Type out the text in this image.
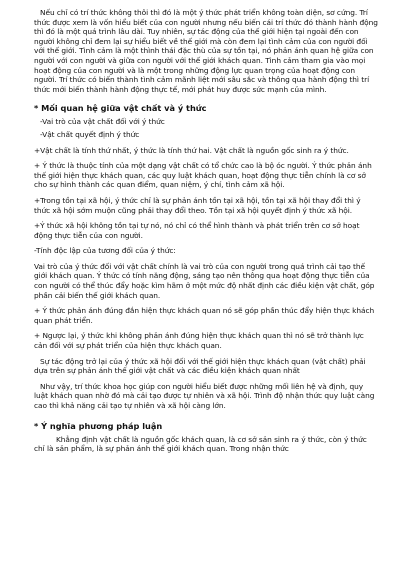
Nếu chỉ có trí thức không thôi thì đó là một ý thức phát triển không toàn diện, sơ cứng. Trí thức được xem là vốn hiểu biết của con người nhưng nếu biến cái trí thức đó thành hành động thì đó là một quá trình lâu dài. Tuy nhiên, sự tác động của thế giới hiện tại ngoài đến con người không chỉ đem lại sự hiểu biết về thế giới mà còn đem lại tình cảm của con người đối với thế giới. Tình cảm là một thình thái đặc thù của sự tồn tại, nó phản ánh quan hệ giữa con người với con người và giữa con người với thế giới khách quan. Tình cảm tham gia vào mọi hoạt động của con người và là một trong những động lực quan trọng của hoạt động con người. Trí thức có biến thành tình cảm mãnh liệt mới sâu sắc và thông qua hành động thì trí thức mới biến thành hành động thực tế, mới phát huy được sức mạnh của mình.

* Mối quan hệ giữa vật chất và ý thức

-Vai trò của vật chất đối với ý thức

-Vật chất quyết định ý thức

+Vật chất là tính thứ nhất, ý thức là tính thứ hai. Vật chất là nguồn gốc sinh ra ý thức.

+ Ý thức là thuộc tính của một dạng vật chất có tổ chức cao là bộ óc người. Ý thức phản ánh thế giới hiện thực khách quan, các quy luật khách quan, hoạt động thực tiễn chính là cơ sở cho sự hình thành các quan điểm, quan niệm, ý chí, tình cảm xã hội.

+Trong tồn tại xã hội, ý thức chỉ là sự phản ánh tồn tại xã hội, tồn tại xã hội thay đổi thì ý thức xã hội sớm muộn cũng phải thay đổi theo. Tồn tại xã hội quyết định ý thức xã hội.

+Ý thức xã hội không tồn tại tự nó, nó chỉ có thể hình thành và phát triển trên cơ sở hoạt động thực tiễn của con người.

-Tính độc lập của tương đối của ý thức:

Vai trò của ý thức đối với vật chất chính là vai trò của con người trong quá trình cải tạo thế giới khách quan. Ý thức có tính năng động, sáng tạo nên thông qua hoạt động thực tiễn của con người có thể thúc đẩy hoặc kìm hãm ở một mức độ nhất định các điều kiện vật chất, góp phần cải biến thế giới khách quan.

+ Ý thức phản ánh đúng đắn hiện thực khách quan nó sẽ góp phần thúc đẩy hiện thực khách quan phát triển.

+ Ngược lại, ý thức khi không phản ánh đúng hiện thực khách quan thì nó sẽ trở thành lực cản đối với sự phát triển của hiện thực khách quan.

Sự tác động trở lại của ý thức xã hội đối với thế giới hiện thực khách quan (vật chất) phải dựa trên sự phản ánh thế giới vật chất và các điều kiện khách quan nhất

Như vậy, trí thức khoa học giúp con người hiểu biết được những mối liên hệ và định, quy luật khách quan nhờ đó mà cải tạo được tự nhiên và xã hội. Trình độ nhận thức quy luật càng cao thì khả năng cải tạo tự nhiên và xã hội càng lớn.

* Ý nghĩa phương pháp luận

Khẳng định vật chất là nguồn gốc khách quan, là cơ sở sản sinh ra ý thức, còn ý thức chỉ là sản phẩm, là sự phản ánh thế giới khách quan. Trong nhận thức
